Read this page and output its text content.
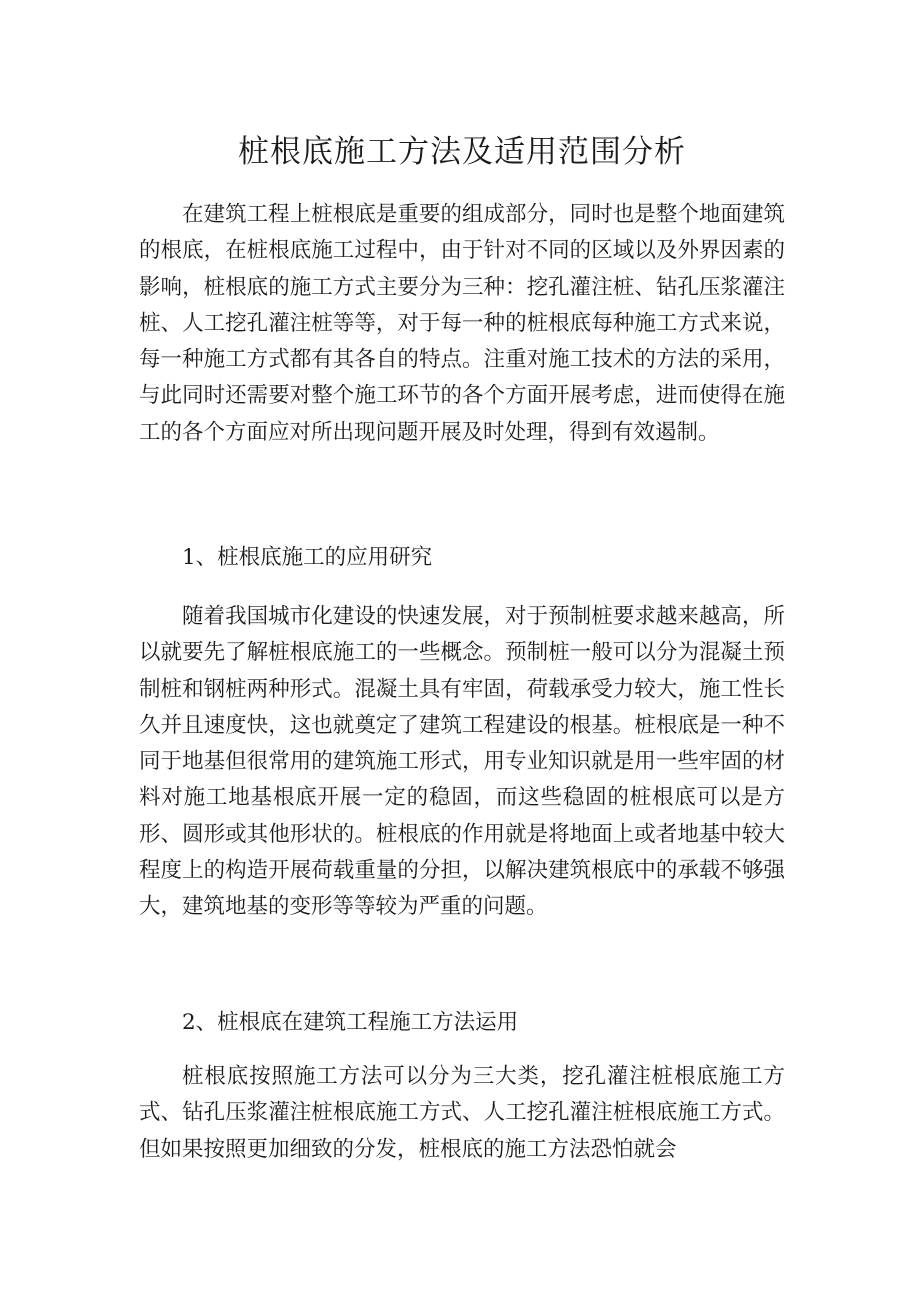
桩根底施工方法及适用范围分析

在建筑工程上桩根底是重要的组成部分，同时也是整个地面建筑的根底，在桩根底施工过程中，由于针对不同的区域以及外界因素的影响，桩根底的施工方式主要分为三种：挖孔灌注桩、钻孔压浆灌注桩、人工挖孔灌注桩等等，对于每一种的桩根底每种施工方式来说，每一种施工方式都有其各自的特点。注重对施工技术的方法的采用，与此同时还需要对整个施工环节的各个方面开展考虑，进而使得在施工的各个方面应对所出现问题开展及时处理，得到有效遏制。

1、桩根底施工的应用研究

随着我国城市化建设的快速发展，对于预制桩要求越来越高，所以就要先了解桩根底施工的一些概念。预制桩一般可以分为混凝土预制桩和钢桩两种形式。混凝土具有牢固，荷载承受力较大，施工性长久并且速度快，这也就奠定了建筑工程建设的根基。桩根底是一种不同于地基但很常用的建筑施工形式，用专业知识就是用一些牢固的材料对施工地基根底开展一定的稳固，而这些稳固的桩根底可以是方形、圆形或其他形状的。桩根底的作用就是将地面上或者地基中较大程度上的构造开展荷载重量的分担，以解决建筑根底中的承载不够强大，建筑地基的变形等等较为严重的问题。

2、桩根底在建筑工程施工方法运用

桩根底按照施工方法可以分为三大类，挖孔灌注桩根底施工方式、钻孔压浆灌注桩根底施工方式、人工挖孔灌注桩根底施工方式。但如果按照更加细致的分发，桩根底的施工方法恐怕就会
